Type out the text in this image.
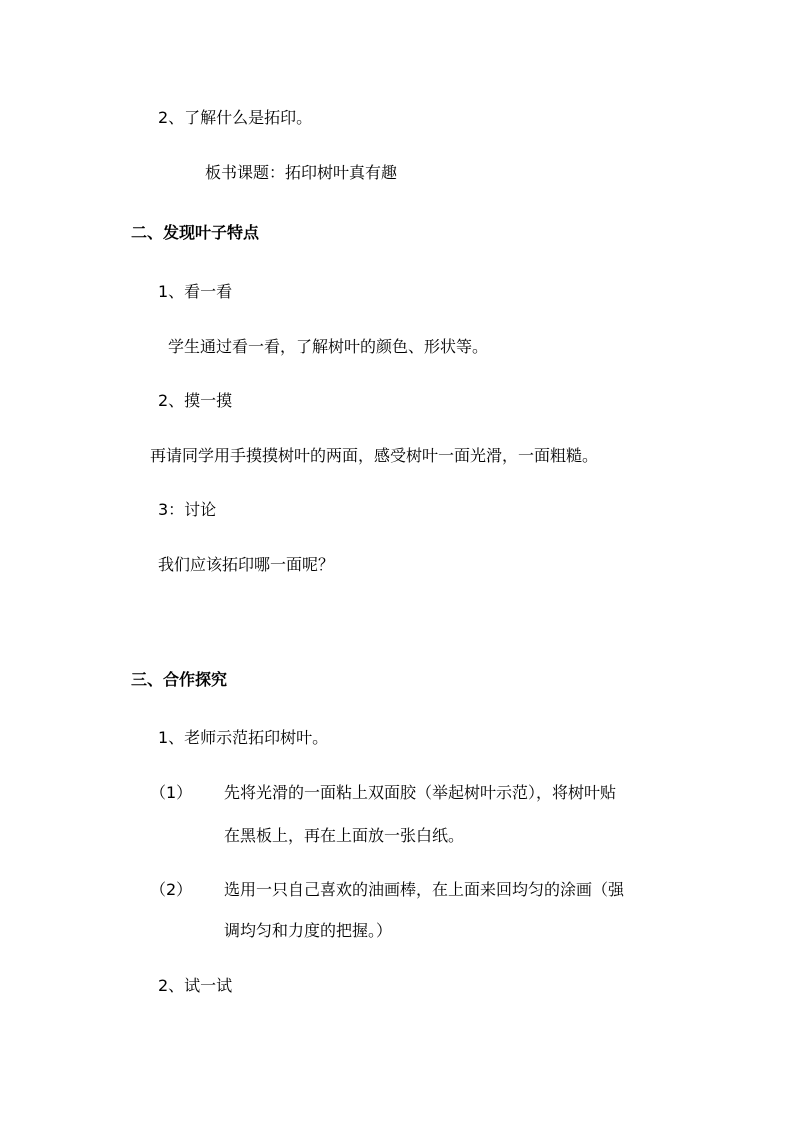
2、了解什么是拓印。
板书课题：拓印树叶真有趣
二、发现叶子特点
1、看一看
学生通过看一看，了解树叶的颜色、形状等。
2、摸一摸
再请同学用手摸摸树叶的两面，感受树叶一面光滑，一面粗糙。
3：讨论
我们应该拓印哪一面呢？
三、合作探究
1、老师示范拓印树叶。
（1） 先将光滑的一面粘上双面胶（举起树叶示范），将树叶贴
在黑板上，再在上面放一张白纸。
（2） 选用一只自己喜欢的油画棒，在上面来回均匀的涂画（强
调均匀和力度的把握。）
2、试一试
